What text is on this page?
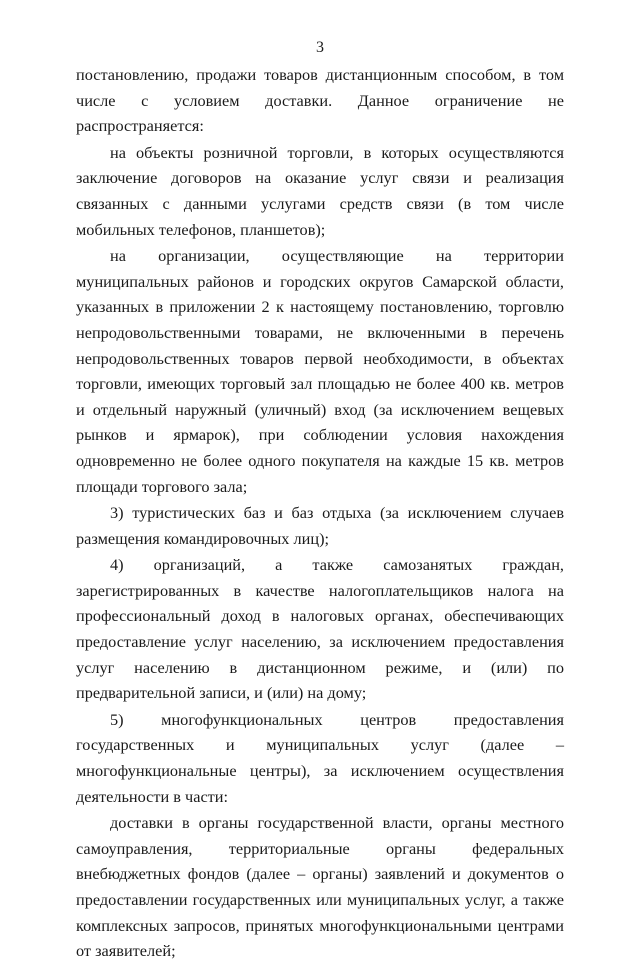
3

постановлению, продажи товаров дистанционным способом, в том числе с условием доставки. Данное ограничение не распространяется:

на объекты розничной торговли, в которых осуществляются заключение договоров на оказание услуг связи и реализация связанных с данными услугами средств связи (в том числе мобильных телефонов, планшетов);

на организации, осуществляющие на территории муниципальных районов и городских округов Самарской области, указанных в приложении 2 к настоящему постановлению, торговлю непродовольственными товарами, не включенными в перечень непродовольственных товаров первой необходимости, в объектах торговли, имеющих торговый зал площадью не более 400 кв. метров и отдельный наружный (уличный) вход (за исключением вещевых рынков и ярмарок), при соблюдении условия нахождения одновременно не более одного покупателя на каждые 15 кв. метров площади торгового зала;

3) туристических баз и баз отдыха (за исключением случаев размещения командировочных лиц);

4) организаций, а также самозанятых граждан, зарегистрированных в качестве налогоплательщиков налога на профессиональный доход в налоговых органах, обеспечивающих предоставление услуг населению, за исключением предоставления услуг населению в дистанционном режиме, и (или) по предварительной записи, и (или) на дому;

5) многофункциональных центров предоставления государственных и муниципальных услуг (далее – многофункциональные центры), за исключением осуществления деятельности в части:

доставки в органы государственной власти, органы местного самоуправления, территориальные органы федеральных внебюджетных фондов (далее – органы) заявлений и документов о предоставлении государственных или муниципальных услуг, а также комплексных запросов, принятых многофункциональными центрами от заявителей;
